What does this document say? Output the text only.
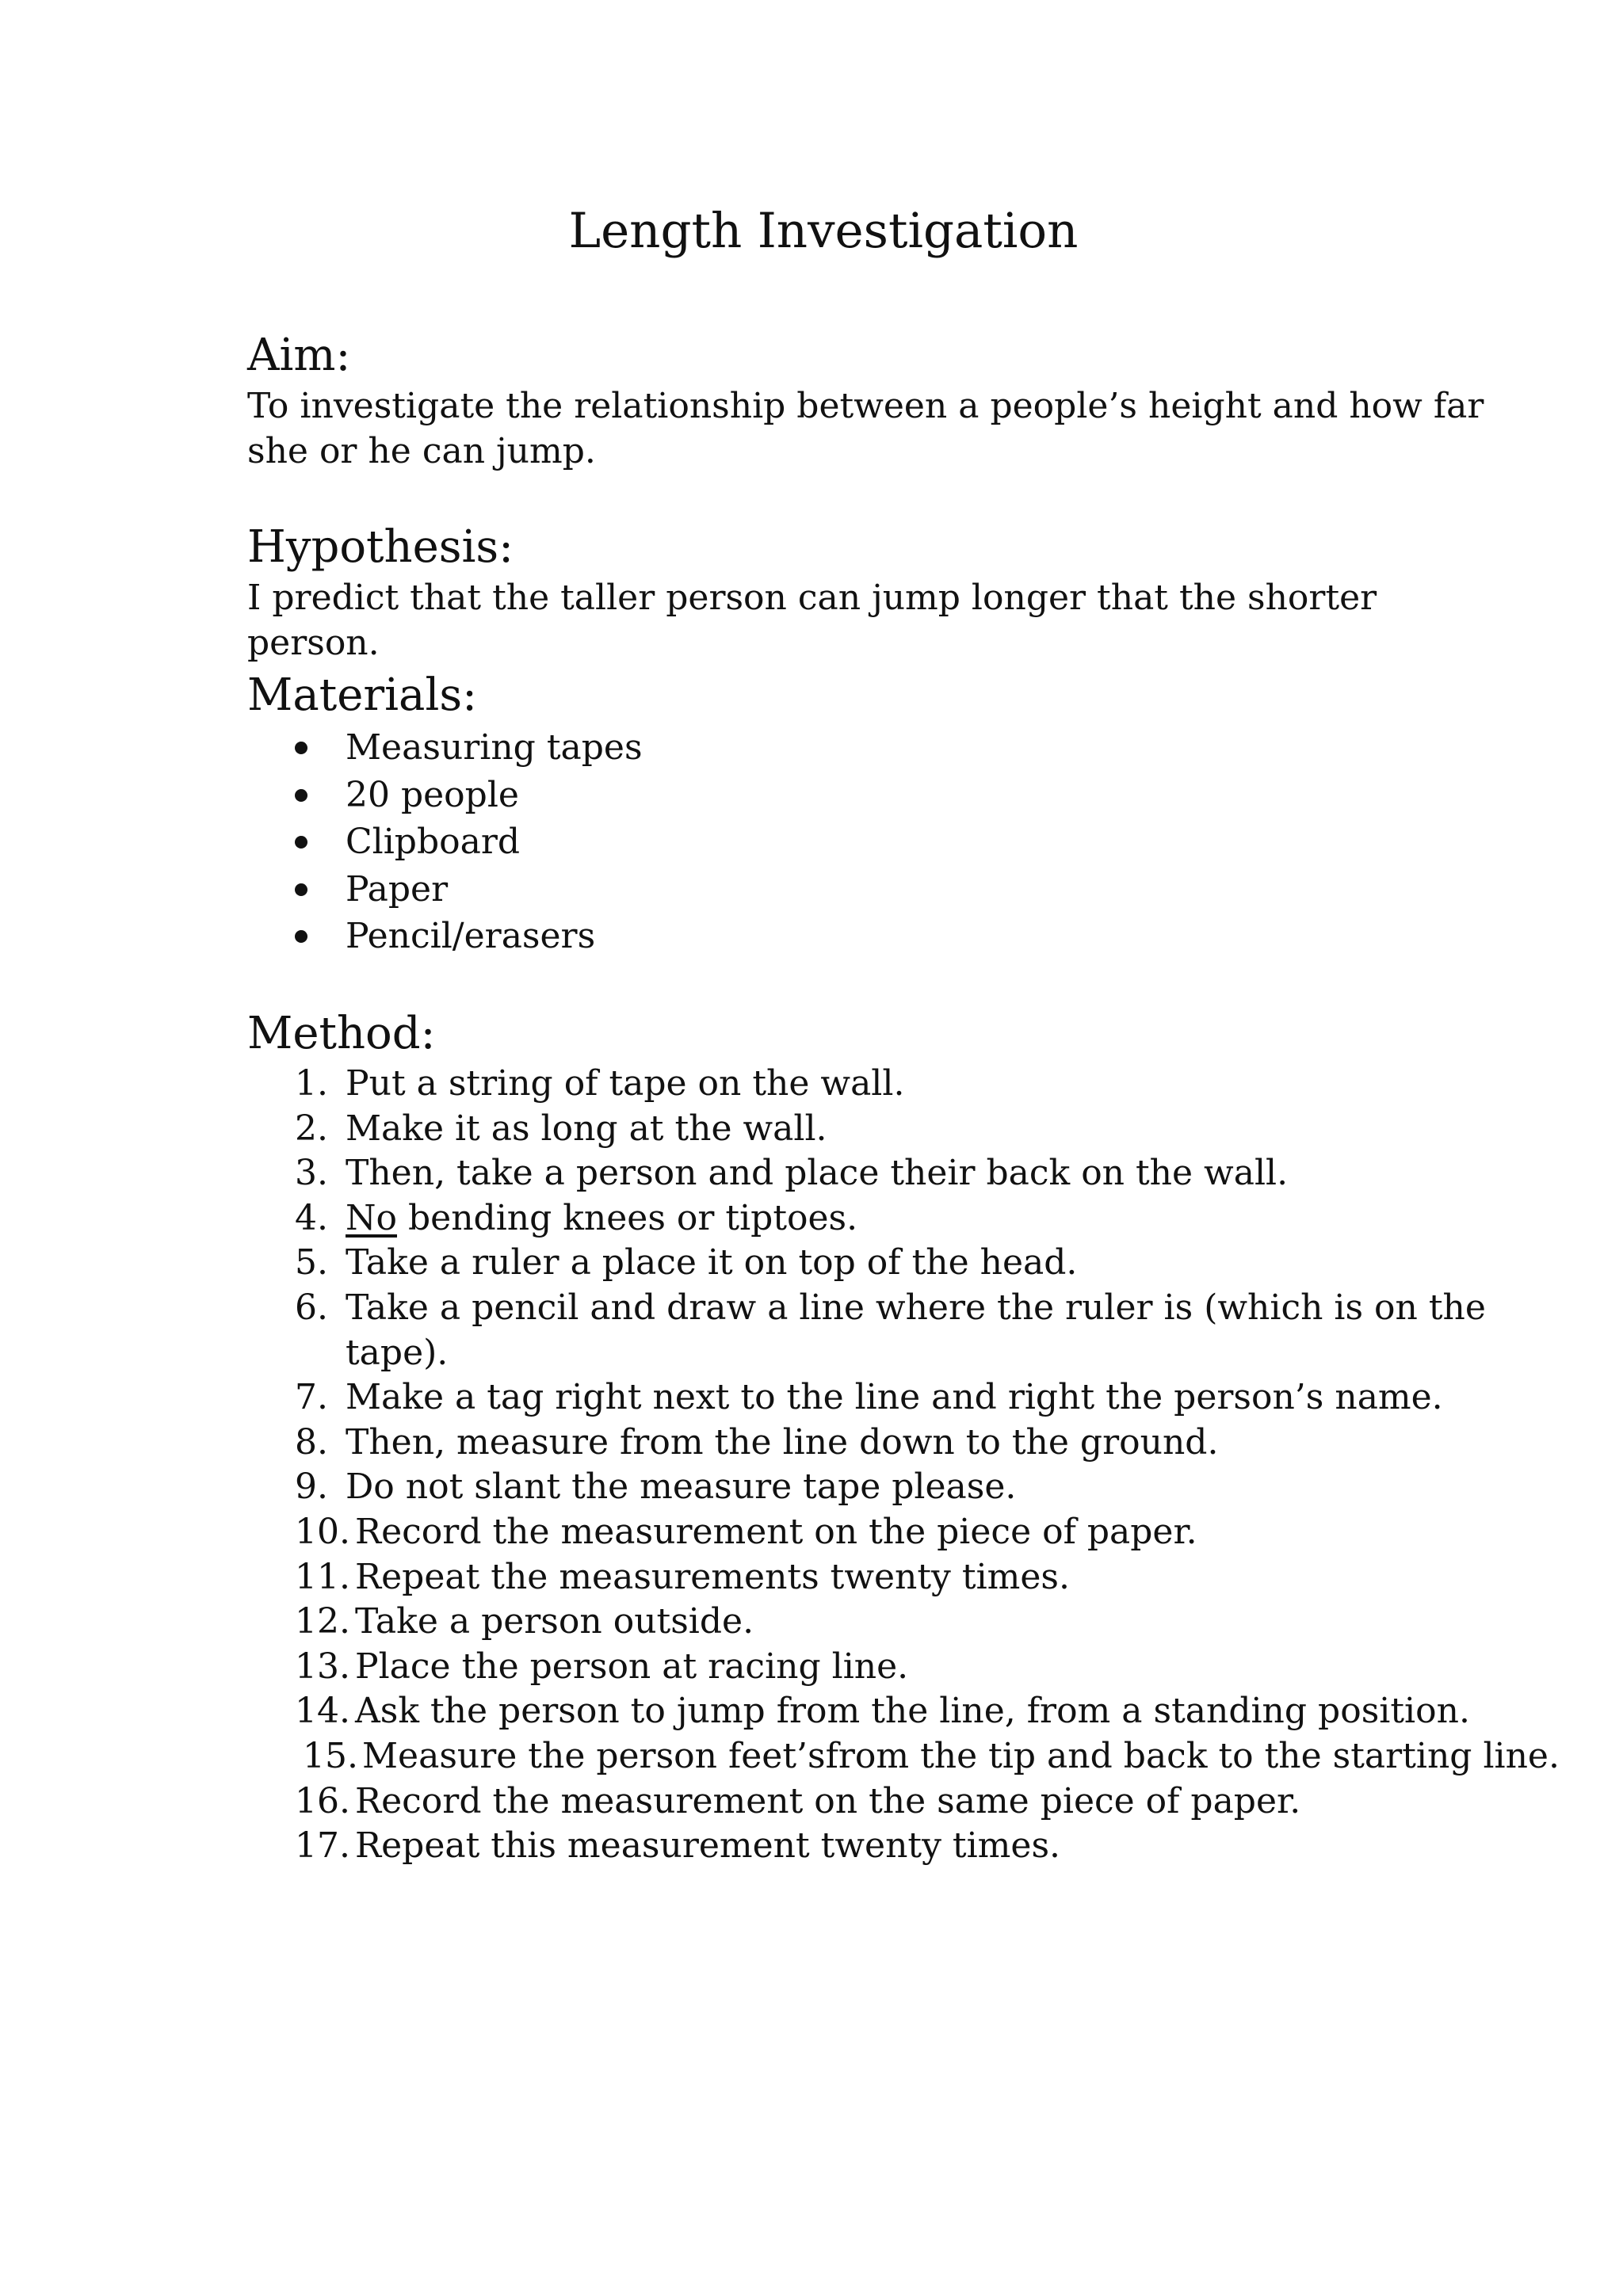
Length Investigation
Aim:

To investigate the relationship between a people’s height and how far she or he can jump.

Hypothesis:

I predict that the taller person can jump longer that the shorter person.

Materials:
Measuring tapes
20 people
Clipboard
Paper
Pencil/erasers
Method:
1. Put a string of tape on the wall.
2. Make it as long at the wall.
3. Then, take a person and place their back on the wall.
4. No bending knees or tiptoes.
5. Take a ruler a place it on top of the head.
6. Take a pencil and draw a line where the ruler is (which is on the tape).
7. Make a tag right next to the line and right the person’s name.
8. Then, measure from the line down to the ground.
9. Do not slant the measure tape please.
10. Record the measurement on the piece of paper.
11. Repeat the measurements twenty times.
12. Take a person outside.
13. Place the person at racing line.
14. Ask the person to jump from the line, from a standing position.
15. Measure the person feet’sfrom the tip and back to the starting line.
16. Record the measurement on the same piece of paper.
17. Repeat this measurement twenty times.
